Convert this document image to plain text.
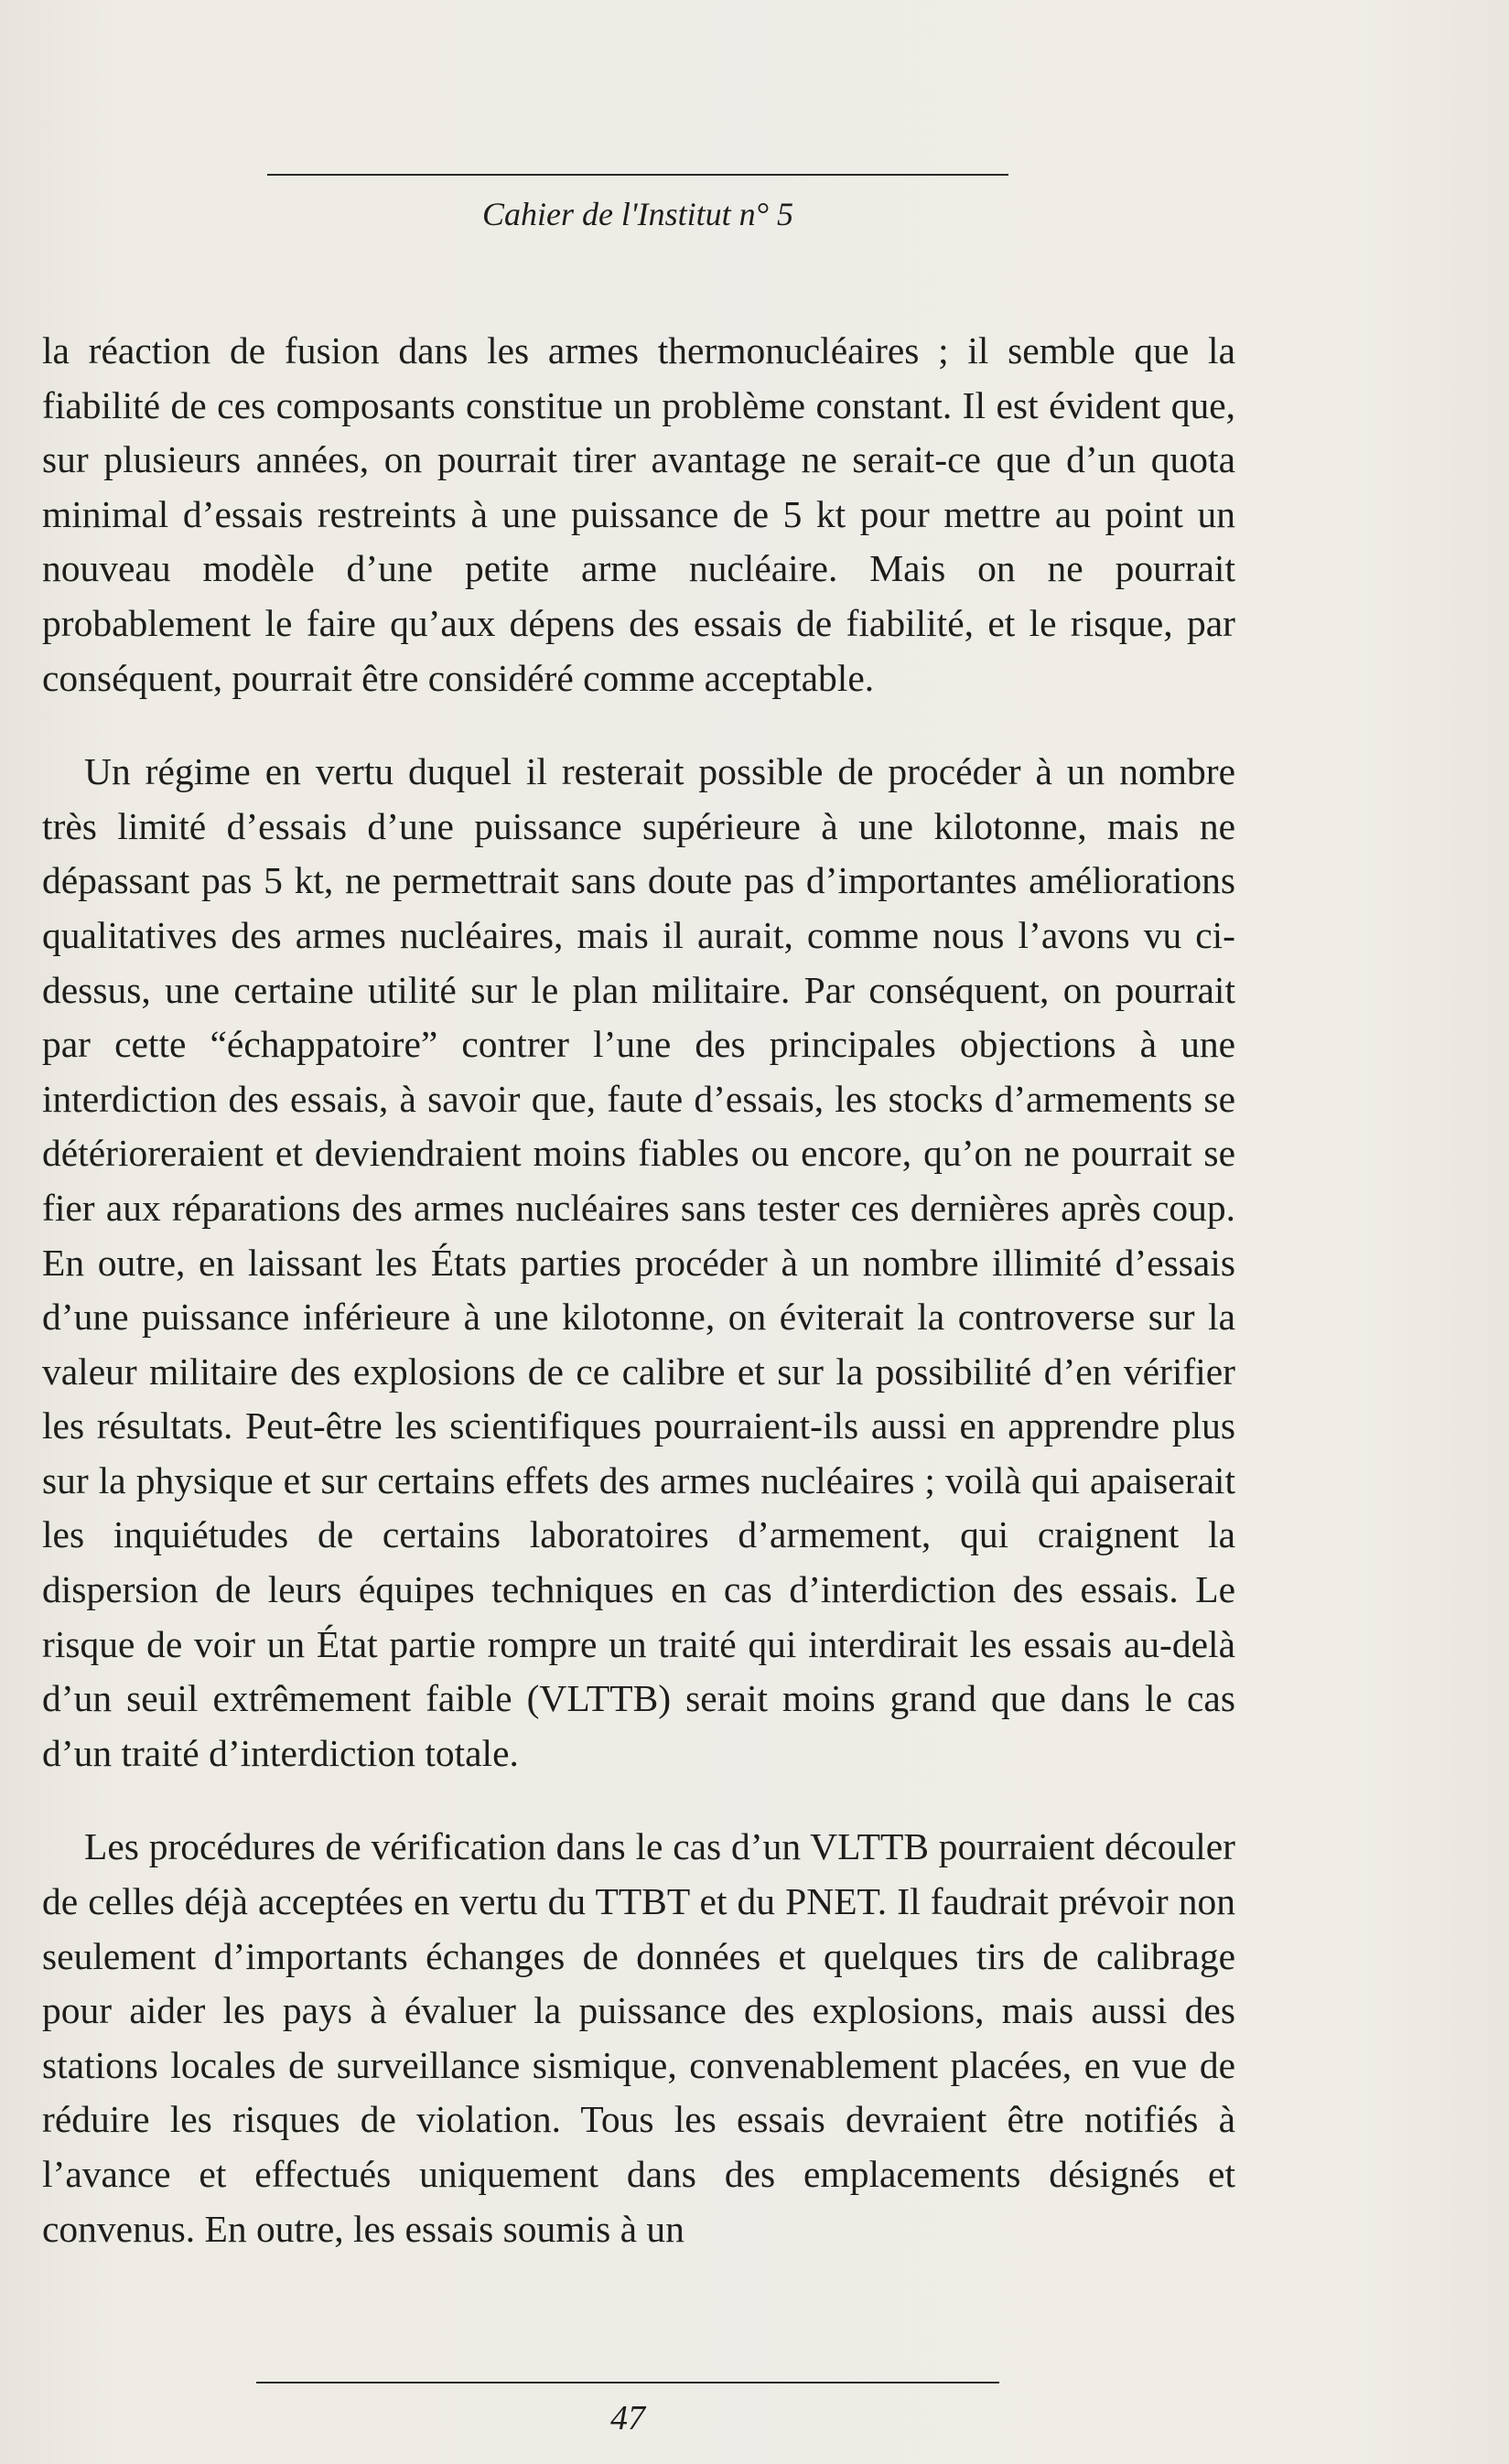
Cahier de l'Institut n° 5

la réaction de fusion dans les armes thermonucléaires ; il semble que la fiabilité de ces composants constitue un problème constant. Il est évident que, sur plusieurs années, on pourrait tirer avantage ne serait-ce que d’un quota minimal d’essais restreints à une puissance de 5 kt pour mettre au point un nouveau modèle d’une petite arme nucléaire. Mais on ne pourrait probablement le faire qu’aux dépens des essais de fiabilité, et le risque, par conséquent, pourrait être considéré comme acceptable.

Un régime en vertu duquel il resterait possible de procéder à un nombre très limité d’essais d’une puissance supérieure à une kilotonne, mais ne dépassant pas 5 kt, ne permettrait sans doute pas d’importantes améliorations qualitatives des armes nucléaires, mais il aurait, comme nous l’avons vu ci-dessus, une certaine utilité sur le plan militaire. Par conséquent, on pourrait par cette “échappatoire” contrer l’une des principales objections à une interdiction des essais, à savoir que, faute d’essais, les stocks d’armements se détérioreraient et deviendraient moins fiables ou encore, qu’on ne pourrait se fier aux réparations des armes nucléaires sans tester ces dernières après coup. En outre, en laissant les États parties procéder à un nombre illimité d’essais d’une puissance inférieure à une kilotonne, on éviterait la controverse sur la valeur militaire des explosions de ce calibre et sur la possibilité d’en vérifier les résultats. Peut-être les scientifiques pourraient-ils aussi en apprendre plus sur la physique et sur certains effets des armes nucléaires ; voilà qui apaiserait les inquiétudes de certains laboratoires d’armement, qui craignent la dispersion de leurs équipes techniques en cas d’interdiction des essais. Le risque de voir un État partie rompre un traité qui interdirait les essais au-delà d’un seuil extrêmement faible (VLTTB) serait moins grand que dans le cas d’un traité d’interdiction totale.

Les procédures de vérification dans le cas d’un VLTTB pourraient découler de celles déjà acceptées en vertu du TTBT et du PNET. Il faudrait prévoir non seulement d’importants échanges de données et quelques tirs de calibrage pour aider les pays à évaluer la puissance des explosions, mais aussi des stations locales de surveillance sismique, convenablement placées, en vue de réduire les risques de violation. Tous les essais devraient être notifiés à l’avance et effectués uniquement dans des emplacements désignés et convenus. En outre, les essais soumis à un

47
